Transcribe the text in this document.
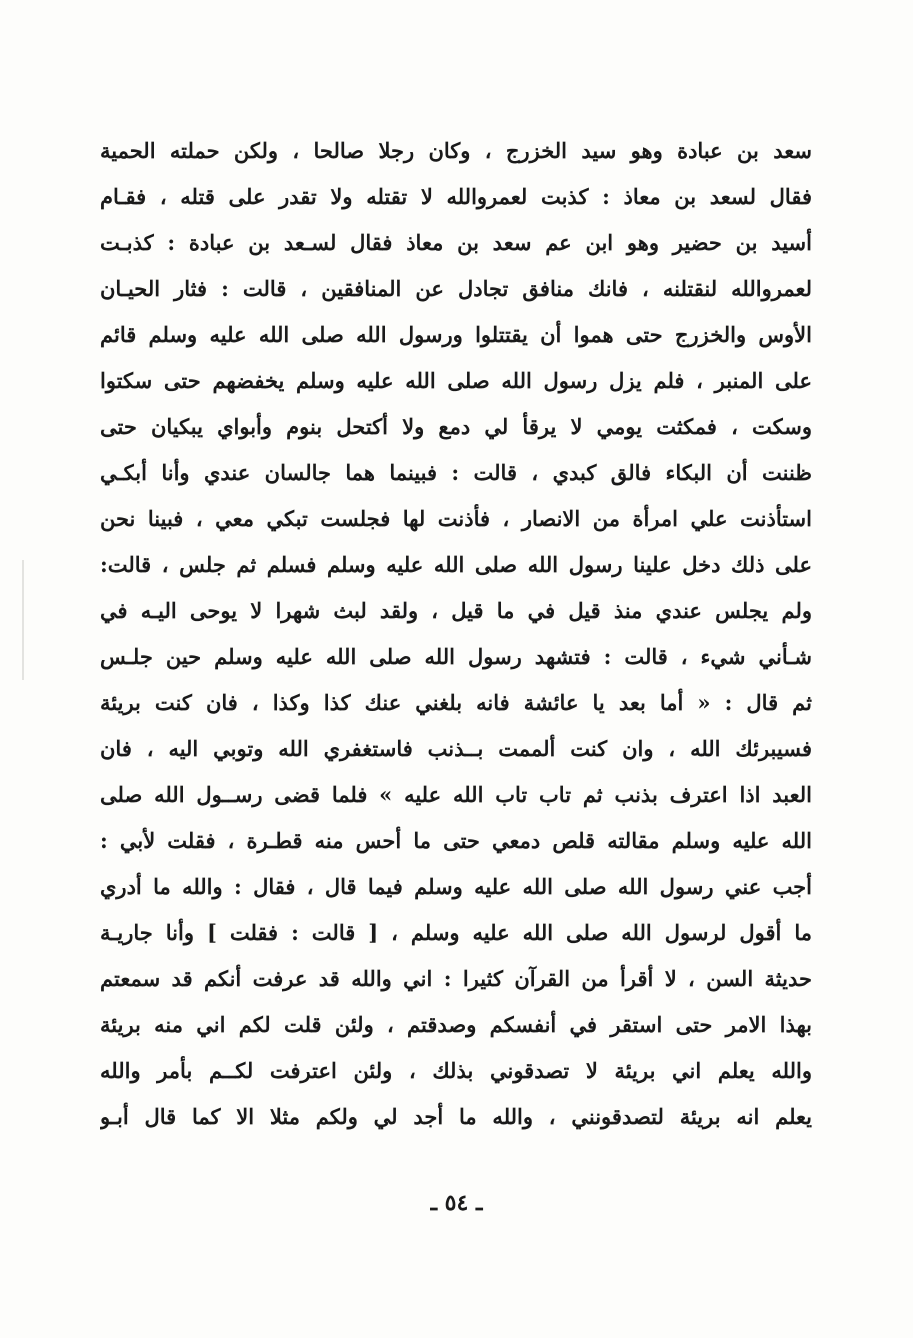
سعد بن عبادة وهو سيد الخزرج ، وكان رجلا صالحا ، ولكن حملته الحمية
فقال لسعد بن معاذ : كذبت لعمروالله لا تقتله ولا تقدر على قتله ، فقـام
أسيد بن حضير وهو ابن عم سعد بن معاذ فقال لسـعد بن عبادة : كذبـت
لعمروالله لنقتلنه ، فانك منافق تجادل عن المنافقين ، قالت : فثار الحيـان
الأوس والخزرج حتى هموا أن يقتتلوا ورسول الله صلى الله عليه وسلم قائم
على المنبر ، فلم يزل رسول الله صلى الله عليه وسلم يخفضهم حتى سكتوا
وسكت ، فمكثت يومي لا يرقأ لي دمع ولا أكتحل بنوم وأبواي يبكيان حتى
ظننت أن البكاء فالق كبدي ، قالت : فبينما هما جالسان عندي وأنا أبكـي
استأذنت علي امرأة من الانصار ، فأذنت لها فجلست تبكي معي ، فبينا نحن
على ذلك دخل علينا رسول الله صلى الله عليه وسلم فسلم ثم جلس ، قالت:
ولم يجلس عندي منذ قيل في ما قيل ، ولقد لبث شهرا لا يوحى اليـه في
شـأني شيء ، قالت : فتشهد رسول الله صلى الله عليه وسلم حين جلـس
ثم قال : « أما بعد يا عائشة فانه بلغني عنك كذا وكذا ، فان كنت بريئة
فسيبرئك الله ، وان كنت ألممت بــذنب فاستغفري الله وتوبي اليه ، فان
العبد اذا اعترف بذنب ثم تاب تاب الله عليه » فلما قضى رســول الله صلى
الله عليه وسلم مقالته قلص دمعي حتى ما أحس منه قطـرة ، فقلت لأبي :
أجب عني رسول الله صلى الله عليه وسلم فيما قال ، فقال : والله ما أدري
ما أقول لرسول الله صلى الله عليه وسلم ، [ قالت : فقلت ] وأنا جاريـة
حديثة السن ، لا أقرأ من القرآن كثيرا : اني والله قد عرفت أنكم قد سمعتم
بهذا الامر حتى استقر في أنفسكم وصدقتم ، ولئن قلت لكم اني منه بريئة
والله يعلم اني بريئة لا تصدقوني بذلك ، ولئن اعترفت لكــم بأمر والله
يعلم انه بريئة لتصدقونني ، والله ما أجد لي ولكم مثلا الا كما قال أبـو
ـ ٥٤ ـ
